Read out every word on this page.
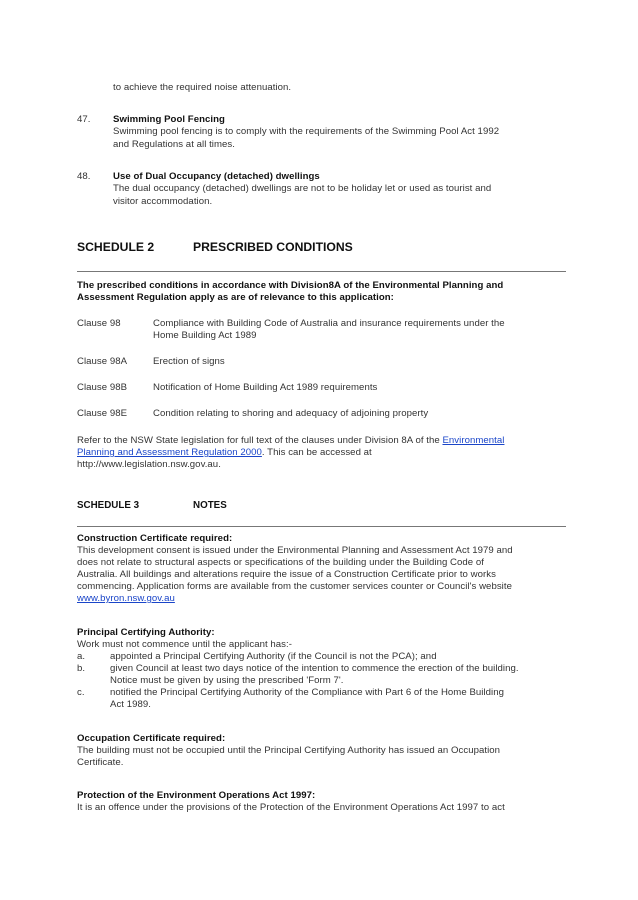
to achieve the required noise attenuation.
47.	Swimming Pool Fencing
Swimming pool fencing is to comply with the requirements of the Swimming Pool Act 1992
and Regulations at all times.
48.	Use of Dual Occupancy (detached) dwellings
The dual occupancy (detached) dwellings are not to be holiday let or used as tourist and
visitor accommodation.
SCHEDULE 2	PRESCRIBED CONDITIONS
The prescribed conditions in accordance with Division8A of the Environmental Planning and
Assessment Regulation apply as are of relevance to this application:
Clause 98	Compliance with Building Code of Australia and insurance requirements under the
Home Building Act 1989
Clause 98A	Erection of signs
Clause 98B	Notification of Home Building Act 1989 requirements
Clause 98E	Condition relating to shoring and adequacy of adjoining property
Refer to the NSW State legislation for full text of the clauses under Division 8A of the Environmental
Planning and Assessment Regulation 2000. This can be accessed at
http://www.legislation.nsw.gov.au.
SCHEDULE 3	NOTES
Construction Certificate required:
This development consent is issued under the Environmental Planning and Assessment Act 1979 and
does not relate to structural aspects or specifications of the building under the Building Code of
Australia. All buildings and alterations require the issue of a Construction Certificate prior to works
commencing. Application forms are available from the customer services counter or Council's website
www.byron.nsw.gov.au
Principal Certifying Authority:
Work must not commence until the applicant has:-
a.	appointed a Principal Certifying Authority (if the Council is not the PCA); and
b.	given Council at least two days notice of the intention to commence the erection of the building.
Notice must be given by using the prescribed 'Form 7'.
c.	notified the Principal Certifying Authority of the Compliance with Part 6 of the Home Building
Act 1989.
Occupation Certificate required:
The building must not be occupied until the Principal Certifying Authority has issued an Occupation
Certificate.
Protection of the Environment Operations Act 1997:
It is an offence under the provisions of the Protection of the Environment Operations Act 1997 to act
